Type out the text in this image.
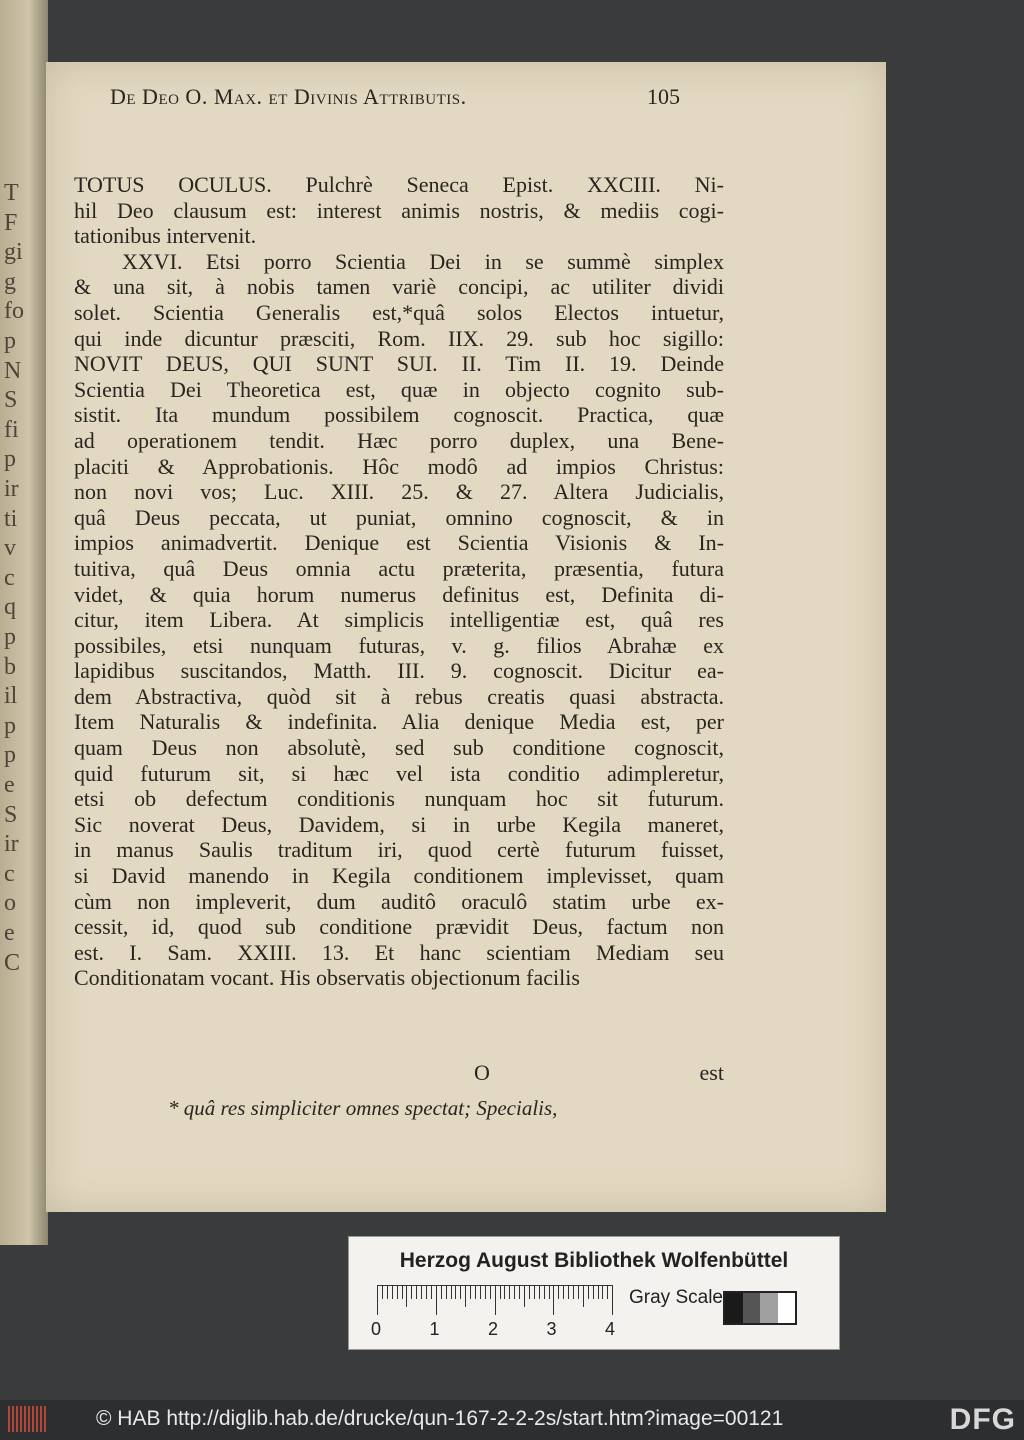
T
F
gi
g
fo
p
N
S
fi
p
ir
ti
v
c
q
p
b
il
p
p
e
S
ir
c
o
e
C
De Deo O. Max. et Divinis Attributis.	105
TOTUS OCULUS. Pulchrè Seneca Epist. XXCIII. Ni-
hil Deo clausum est: interest animis nostris, & mediis cogi-
tationibus intervenit.
XXVI. Etsi porro Scientia Dei in se summè simplex
& una sit, à nobis tamen variè concipi, ac utiliter dividi
solet. Scientia Generalis est,*quâ solos Electos intuetur,
qui inde dicuntur præsciti, Rom. IIX. 29. sub hoc sigillo:
NOVIT DEUS, QUI SUNT SUI. II. Tim II. 19. Deinde
Scientia Dei Theoretica est, quæ in objecto cognito sub-
sistit. Ita mundum possibilem cognoscit. Practica, quæ
ad operationem tendit. Hæc porro duplex, una Bene-
placiti & Approbationis. Hôc modô ad impios Christus:
non novi vos; Luc. XIII. 25. & 27. Altera Judicialis,
quâ Deus peccata, ut puniat, omnino cognoscit, & in
impios animadvertit. Denique est Scientia Visionis & In-
tuitiva, quâ Deus omnia actu præterita, præsentia, futura
videt, & quia horum numerus definitus est, Definita di-
citur, item Libera. At simplicis intelligentiæ est, quâ res
possibiles, etsi nunquam futuras, v. g. filios Abrahæ ex
lapidibus suscitandos, Matth. III. 9. cognoscit. Dicitur ea-
dem Abstractiva, quòd sit à rebus creatis quasi abstracta.
Item Naturalis & indefinita. Alia denique Media est, per
quam Deus non absolutè, sed sub conditione cognoscit,
quid futurum sit, si hæc vel ista conditio adimpleretur,
etsi ob defectum conditionis nunquam hoc sit futurum.
Sic noverat Deus, Davidem, si in urbe Kegila maneret,
in manus Saulis traditum iri, quod certè futurum fuisset,
si David manendo in Kegila conditionem implevisset, quam
cùm non impleverit, dum auditô oraculô statim urbe ex-
cessit, id, quod sub conditione prævidit Deus, factum non
est. I. Sam. XXIII. 13. Et hanc scientiam Mediam seu
Conditionatam vocant. His observatis objectionum facilis
O	est
* quâ res simpliciter omnes spectat; Specialis,
Herzog August Bibliothek Wolfenbüttel
0	1	2	3	4
Gray Scale
© HAB http://diglib.hab.de/drucke/qun-167-2-2-2s/start.htm?image=00121	DFG
